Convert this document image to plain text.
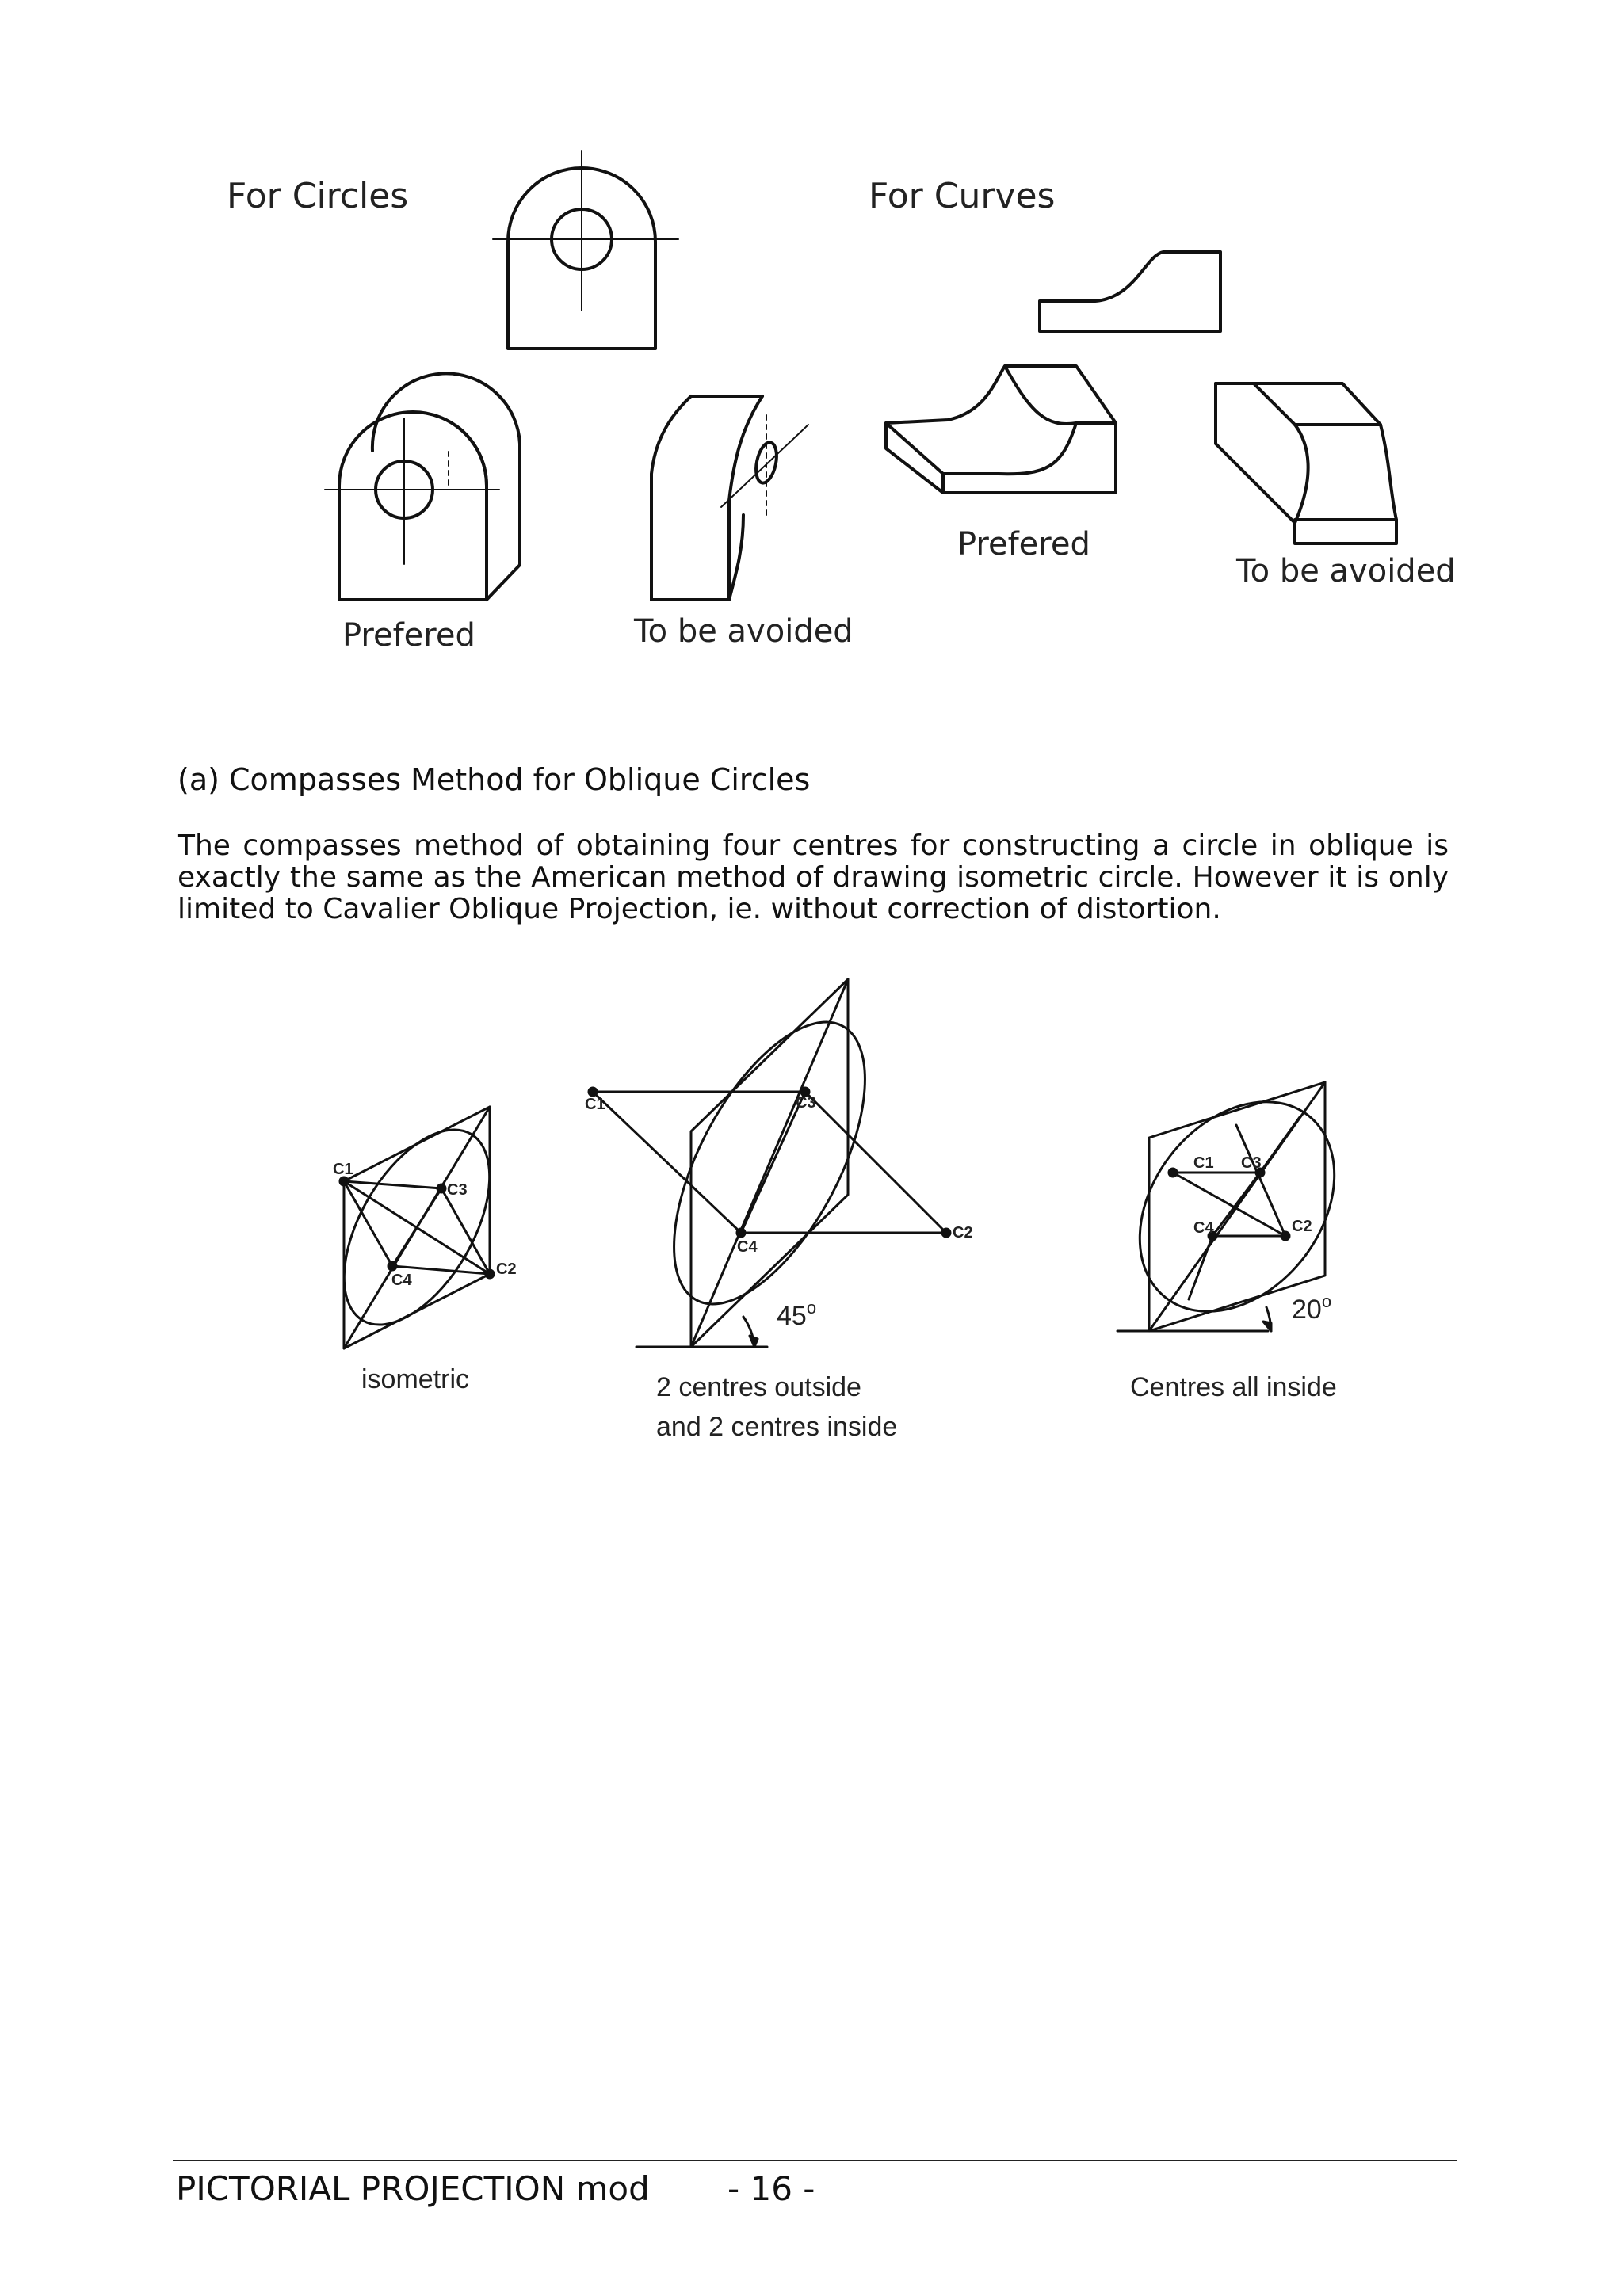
For Circles
Prefered	To be avoided
For Curves
Prefered
To be avoided
C1
C2
C3
C4
isometric
C1
C2
C3
C4
45$^o$
2 centres outside
and 2 centres inside
C1
C2
C3
C4
20$^o$
Centres all inside
(a) Compasses Method for Oblique Circles

The compasses method of obtaining four centres for constructing a circle in oblique is exactly the same as the American method of drawing isometric circle. However it is only limited to Cavalier Oblique Projection, ie. without correction of distortion.

PICTORIAL PROJECTION mod - 16 -
